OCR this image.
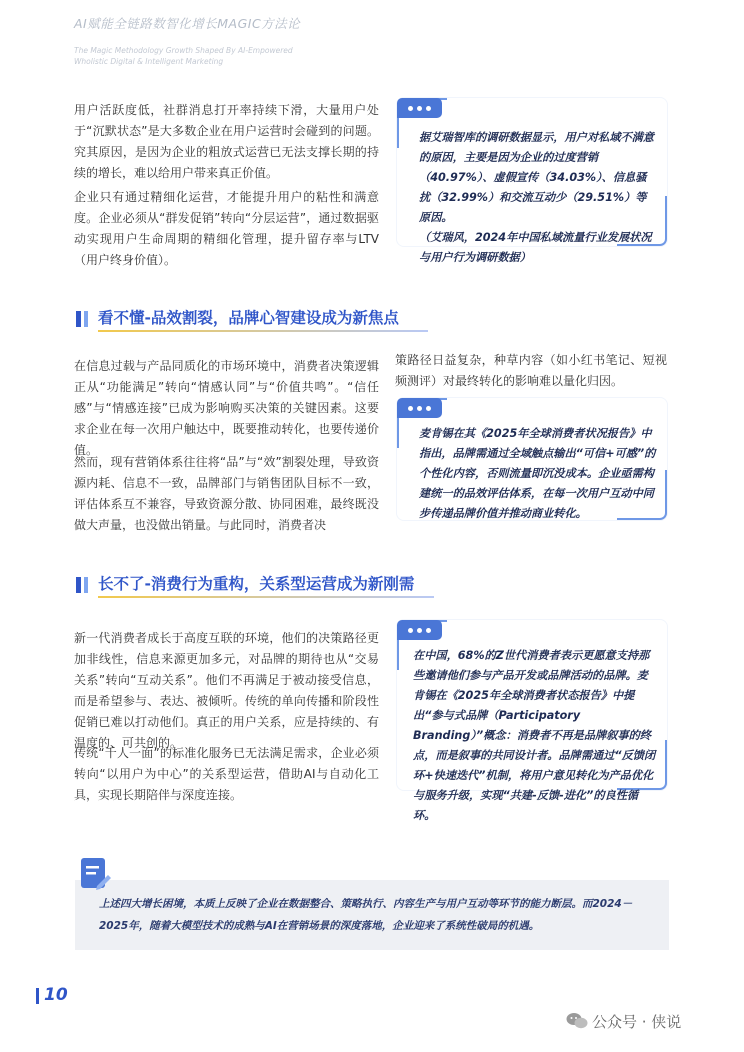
AI赋能全链路数智化增长MAGIC方法论
The Magic Methodology Growth Shaped By AI-Empowered
Wholistic Digital & Intelligent Marketing
用户活跃度低，社群消息打开率持续下滑，大量用户处于“沉默状态”是大多数企业在用户运营时会碰到的问题。究其原因，是因为企业的粗放式运营已无法支撑长期的持续的增长，难以给用户带来真正价值。
企业只有通过精细化运营，才能提升用户的粘性和满意度。企业必须从“群发促销”转向“分层运营”，通过数据驱动实现用户生命周期的精细化管理，提升留存率与LTV（用户终身价值）。
据艾瑞智库的调研数据显示，用户对私域不满意的原因，主要是因为企业的过度营销（40.97%）、虚假宣传（34.03%）、信息骚扰（32.99%）和交流互动少（29.51%）等原因。
（艾瑞风，2024年中国私域流量行业发展状况与用户行为调研数据）
看不懂-品效割裂，品牌心智建设成为新焦点
在信息过载与产品同质化的市场环境中，消费者决策逻辑正从“功能满足”转向“情感认同”与“价值共鸣”。“信任感”与“情感连接”已成为影响购买决策的关键因素。这要求企业在每一次用户触达中，既要推动转化，也要传递价值。
然而，现有营销体系往往将“品”与“效”割裂处理，导致资源内耗、信息不一致，品牌部门与销售团队目标不一致，评估体系互不兼容，导致资源分散、协同困难，最终既没做大声量，也没做出销量。与此同时，消费者决
策路径日益复杂，种草内容（如小红书笔记、短视频测评）对最终转化的影响难以量化归因。
麦肯锡在其《2025年全球消费者状况报告》中指出，品牌需通过全域触点输出“可信+可感”的个性化内容，否则流量即沉没成本。企业亟需构建统一的品效评估体系，在每一次用户互动中同步传递品牌价值并推动商业转化。
长不了-消费行为重构，关系型运营成为新刚需
新一代消费者成长于高度互联的环境，他们的决策路径更加非线性，信息来源更加多元，对品牌的期待也从“交易关系”转向“互动关系”。他们不再满足于被动接受信息，而是希望参与、表达、被倾听。传统的单向传播和阶段性促销已难以打动他们。真正的用户关系，应是持续的、有温度的、可共创的。
传统“千人一面”的标准化服务已无法满足需求，企业必须转向“以用户为中心”的关系型运营，借助AI与自动化工具，实现长期陪伴与深度连接。
在中国，68%的Z世代消费者表示更愿意支持那些邀请他们参与产品开发或品牌活动的品牌。麦肯锡在《2025年全球消费者状态报告》中提出“参与式品牌（Participatory Branding）”概念：消费者不再是品牌叙事的终点，而是叙事的共同设计者。品牌需通过“反馈闭环+快速迭代”机制，将用户意见转化为产品优化与服务升级，实现“共建-反馈-进化”的良性循环。
上述四大增长困境，本质上反映了企业在数据整合、策略执行、内容生产与用户互动等环节的能力断层。而2024－2025年，随着大模型技术的成熟与AI在营销场景的深度落地，企业迎来了系统性破局的机遇。
10
公众号 · 侠说
